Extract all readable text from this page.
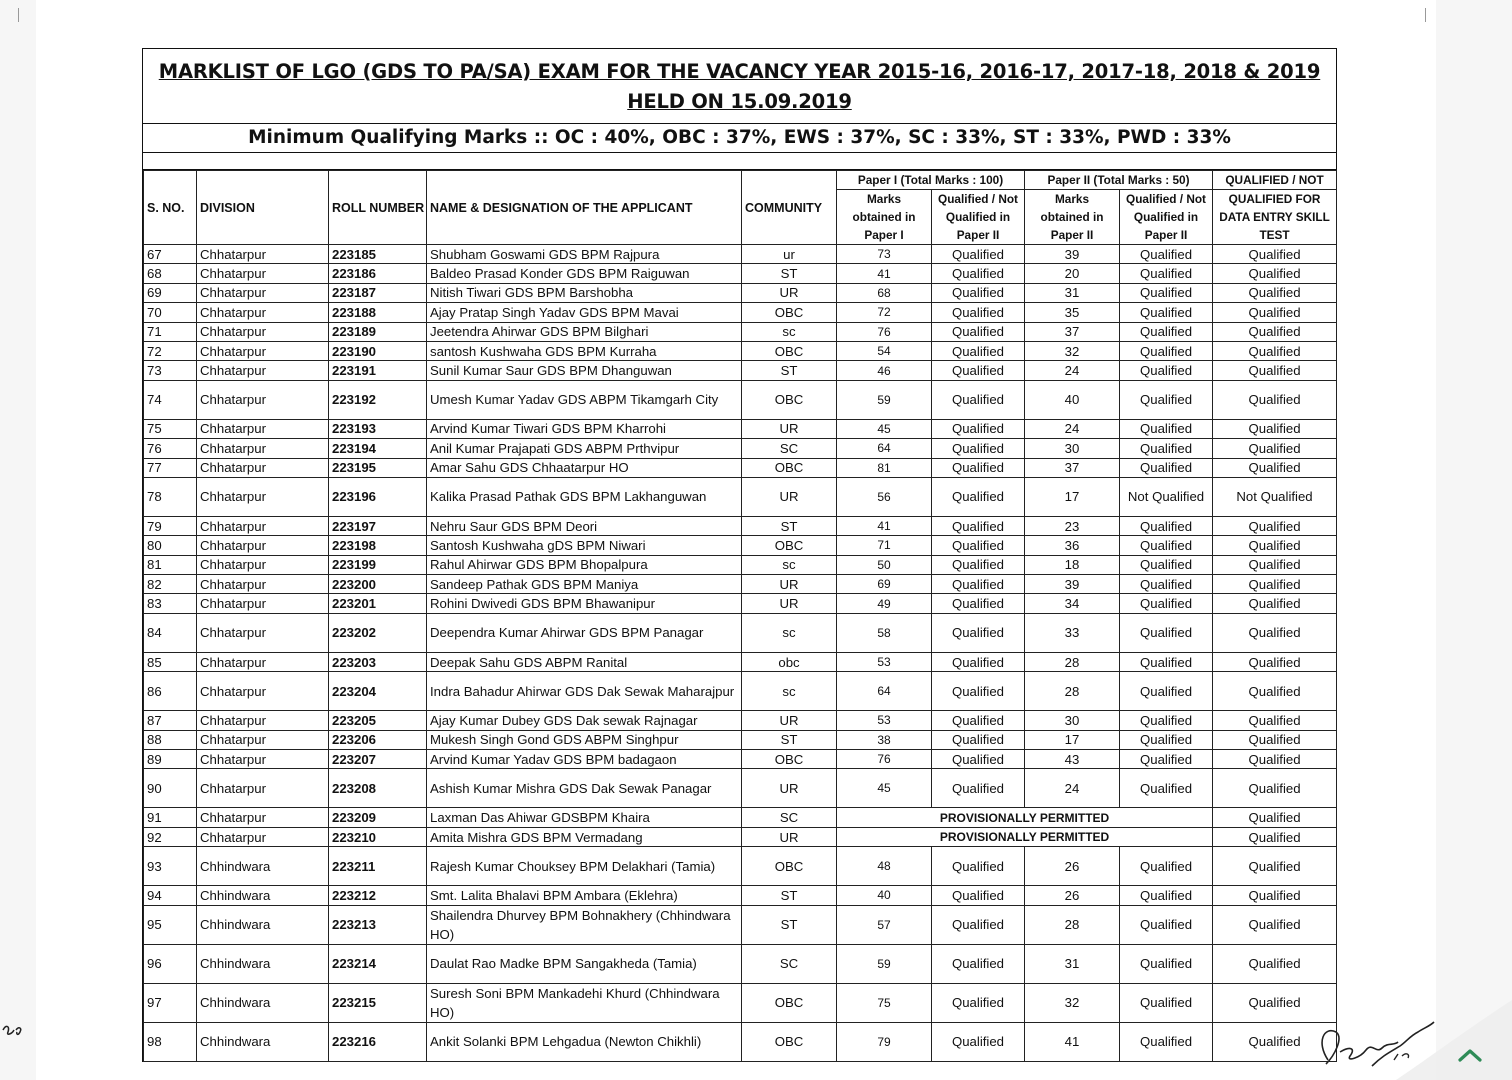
MARKLIST OF LGO (GDS TO PA/SA) EXAM FOR THE VACANCY YEAR 2015-16, 2016-17, 2017-18, 2018 & 2019
HELD ON 15.09.2019
Minimum Qualifying Marks :: OC : 40%, OBC : 37%, EWS : 37%, SC : 33%, ST : 33%, PWD : 33%
S. NO.	DIVISION	ROLL NUMBER	NAME & DESIGNATION OF THE APPLICANT	COMMUNITY	Paper I (Total Marks : 100)		Paper II (Total Marks : 50)		QUALIFIED / NOT
					Marks	Qualified / Not	Marks	Qualified / Not	QUALIFIED FOR
					obtained in	Qualified in	obtained in	Qualified in	DATA ENTRY SKILL
					Paper I	Paper II	Paper II	Paper II	TEST
67	Chhatarpur	223185	Shubham Goswami GDS BPM Rajpura	ur	73	Qualified	39	Qualified	Qualified
68	Chhatarpur	223186	Baldeo Prasad Konder GDS BPM Raiguwan	ST	41	Qualified	20	Qualified	Qualified
69	Chhatarpur	223187	Nitish Tiwari GDS BPM Barshobha	UR	68	Qualified	31	Qualified	Qualified
70	Chhatarpur	223188	Ajay Pratap Singh Yadav GDS BPM Mavai	OBC	72	Qualified	35	Qualified	Qualified
71	Chhatarpur	223189	Jeetendra Ahirwar GDS BPM Bilghari	sc	76	Qualified	37	Qualified	Qualified
72	Chhatarpur	223190	santosh Kushwaha GDS BPM Kurraha	OBC	54	Qualified	32	Qualified	Qualified
73	Chhatarpur	223191	Sunil Kumar Saur GDS BPM Dhanguwan	ST	46	Qualified	24	Qualified	Qualified
74	Chhatarpur	223192	Umesh Kumar Yadav GDS ABPM Tikamgarh City	OBC	59	Qualified	40	Qualified	Qualified
75	Chhatarpur	223193	Arvind Kumar Tiwari GDS BPM Kharrohi	UR	45	Qualified	24	Qualified	Qualified
76	Chhatarpur	223194	Anil Kumar Prajapati GDS ABPM Prthvipur	SC	64	Qualified	30	Qualified	Qualified
77	Chhatarpur	223195	Amar Sahu GDS Chhaatarpur HO	OBC	81	Qualified	37	Qualified	Qualified
78	Chhatarpur	223196	Kalika Prasad Pathak GDS BPM Lakhanguwan	UR	56	Qualified	17	Not Qualified	Not Qualified
79	Chhatarpur	223197	Nehru Saur GDS BPM Deori	ST	41	Qualified	23	Qualified	Qualified
80	Chhatarpur	223198	Santosh Kushwaha gDS BPM Niwari	OBC	71	Qualified	36	Qualified	Qualified
81	Chhatarpur	223199	Rahul Ahirwar GDS BPM Bhopalpura	sc	50	Qualified	18	Qualified	Qualified
82	Chhatarpur	223200	Sandeep Pathak GDS BPM Maniya	UR	69	Qualified	39	Qualified	Qualified
83	Chhatarpur	223201	Rohini Dwivedi GDS BPM Bhawanipur	UR	49	Qualified	34	Qualified	Qualified
84	Chhatarpur	223202	Deependra Kumar Ahirwar GDS BPM Panagar	sc	58	Qualified	33	Qualified	Qualified
85	Chhatarpur	223203	Deepak Sahu GDS ABPM Ranital	obc	53	Qualified	28	Qualified	Qualified
86	Chhatarpur	223204	Indra Bahadur Ahirwar GDS Dak Sewak Maharajpur	sc	64	Qualified	28	Qualified	Qualified
87	Chhatarpur	223205	Ajay Kumar Dubey GDS Dak sewak Rajnagar	UR	53	Qualified	30	Qualified	Qualified
88	Chhatarpur	223206	Mukesh Singh Gond GDS ABPM Singhpur	ST	38	Qualified	17	Qualified	Qualified
89	Chhatarpur	223207	Arvind Kumar Yadav GDS BPM badagaon	OBC	76	Qualified	43	Qualified	Qualified
90	Chhatarpur	223208	Ashish Kumar Mishra GDS Dak Sewak Panagar	UR	45	Qualified	24	Qualified	Qualified
91	Chhatarpur	223209	Laxman Das Ahiwar GDSBPM Khaira	SC	PROVISIONALLY PERMITTED				Qualified
92	Chhatarpur	223210	Amita Mishra GDS BPM Vermadang	UR	PROVISIONALLY PERMITTED				Qualified
93	Chhindwara	223211	Rajesh Kumar Chouksey BPM Delakhari (Tamia)	OBC	48	Qualified	26	Qualified	Qualified
94	Chhindwara	223212	Smt. Lalita Bhalavi BPM Ambara (Eklehra)	ST	40	Qualified	26	Qualified	Qualified
95	Chhindwara	223213	Shailendra Dhurvey BPM Bohnakhery (Chhindwara HO)	ST	57	Qualified	28	Qualified	Qualified
96	Chhindwara	223214	Daulat Rao Madke BPM Sangakheda (Tamia)	SC	59	Qualified	31	Qualified	Qualified
97	Chhindwara	223215	Suresh Soni BPM Mankadehi Khurd (Chhindwara HO)	OBC	75	Qualified	32	Qualified	Qualified
98	Chhindwara	223216	Ankit Solanki BPM Lehgadua (Newton Chikhli)	OBC	79	Qualified	41	Qualified	Qualified
